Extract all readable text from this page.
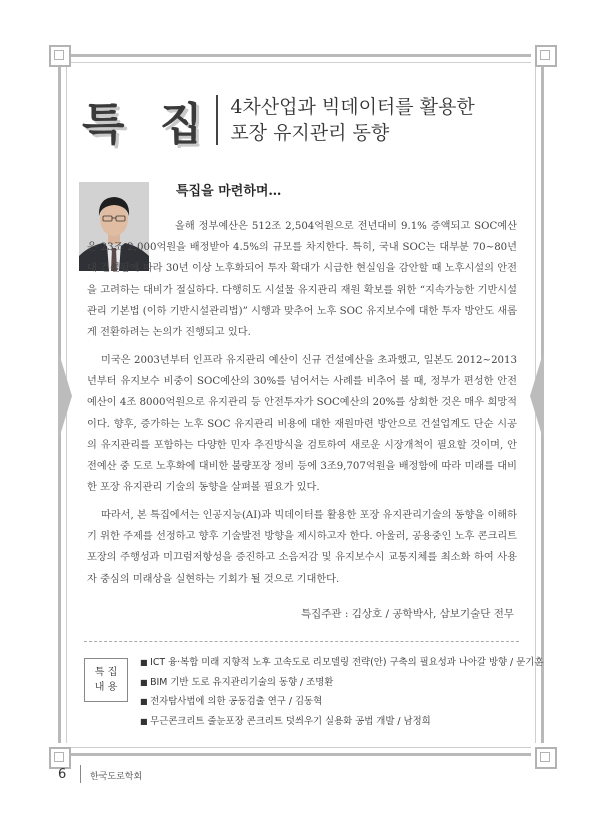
특 집 4차산업과 빅데이터를 활용한
포장 유지관리 동향
특집을 마련하며…

올해 정부예산은 512조 2,504억원으로 전년대비 9.1% 증액되고 SOC예산은 23조 2,000억원을 배정받아 4.5%의 규모를 차지한다. 특히, 국내 SOC는 대부분 70~80년대 건설됨에 따라 30년 이상 노후화되어 투자 확대가 시급한 현실임을 감안할 때 노후시설의 안전을 고려하는 대비가 절실하다. 다행히도 시설물 유지관리 재원 확보를 위한 “지속가능한 기반시설 관리 기본법 (이하 기반시설관리법)” 시행과 맞추어 노후 SOC 유지보수에 대한 투자 방안도 새롭게 전환하려는 논의가 진행되고 있다.

미국은 2003년부터 인프라 유지관리 예산이 신규 건설예산을 초과했고, 일본도 2012~2013년부터 유지보수 비중이 SOC예산의 30%를 넘어서는 사례를 비추어 볼 때, 정부가 편성한 안전예산이 4조 8000억원으로 유지관리 등 안전투자가 SOC예산의 20%를 상회한 것은 매우 희망적이다. 향후, 증가하는 노후 SOC 유지관리 비용에 대한 재원마련 방안으로 건설업계도 단순 시공의 유지관리를 포함하는 다양한 민자 추진방식을 검토하여 새로운 시장개척이 필요할 것이며, 안전예산 중 도로 노후화에 대비한 불량포장 정비 등에 3조9,707억원을 배정함에 따라 미래를 대비한 포장 유지관리 기술의 동향을 살펴볼 필요가 있다.

따라서, 본 특집에서는 인공지능(AI)과 빅데이터를 활용한 포장 유지관리기술의 동향을 이해하기 위한 주제를 선정하고 향후 기술발전 방향을 제시하고자 한다. 아울러, 공용중인 노후 콘크리트 포장의 주행성과 미끄럼저항성을 증진하고 소음저감 및 유지보수시 교통지체를 최소화 하여 사용자 중심의 미래상을 실현하는 기회가 될 것으로 기대한다.

특집주관 : 김상호 / 공학박사, 삼보기술단 전무
특 집
내 용
■ ICT 융·복합 미래 지향적 노후 고속도로 리모델링 전략(안) 구축의 필요성과 나아갈 방향 / 문기훈
■ BIM 기반 도로 유지관리기술의 동향 / 조명환
■ 전자탐사법에 의한 공동검출 연구 / 김동혁
■ 무근콘크리트 줄눈포장 콘크리트 덧씌우기 실용화 공법 개발 / 남정희
6	한국도로학회
